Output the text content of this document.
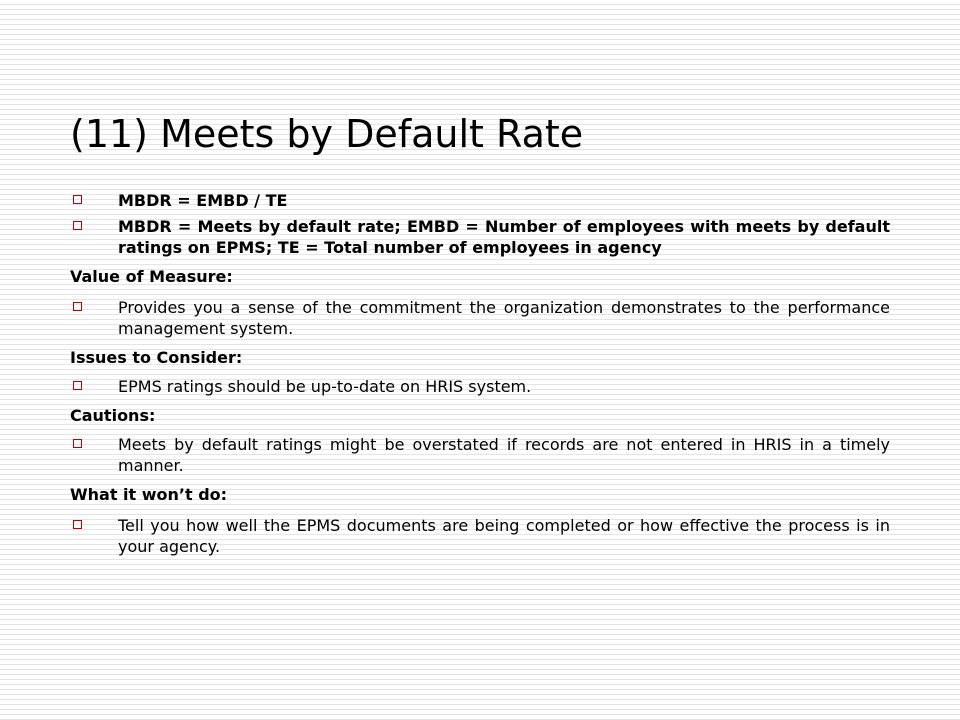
(11) Meets by Default Rate
MBDR = EMBD / TE
MBDR = Meets by default rate; EMBD = Number of employees with meets by default ratings on EPMS; TE = Total number of employees in agency
Value of Measure:
Provides you a sense of the commitment the organization demonstrates to the performance management system.
Issues to Consider:
EPMS ratings should be up-to-date on HRIS system.
Cautions:
Meets by default ratings might be overstated if records are not entered in HRIS in a timely manner.
What it won’t do:
Tell you how well the EPMS documents are being completed or how effective the process is in your agency.
